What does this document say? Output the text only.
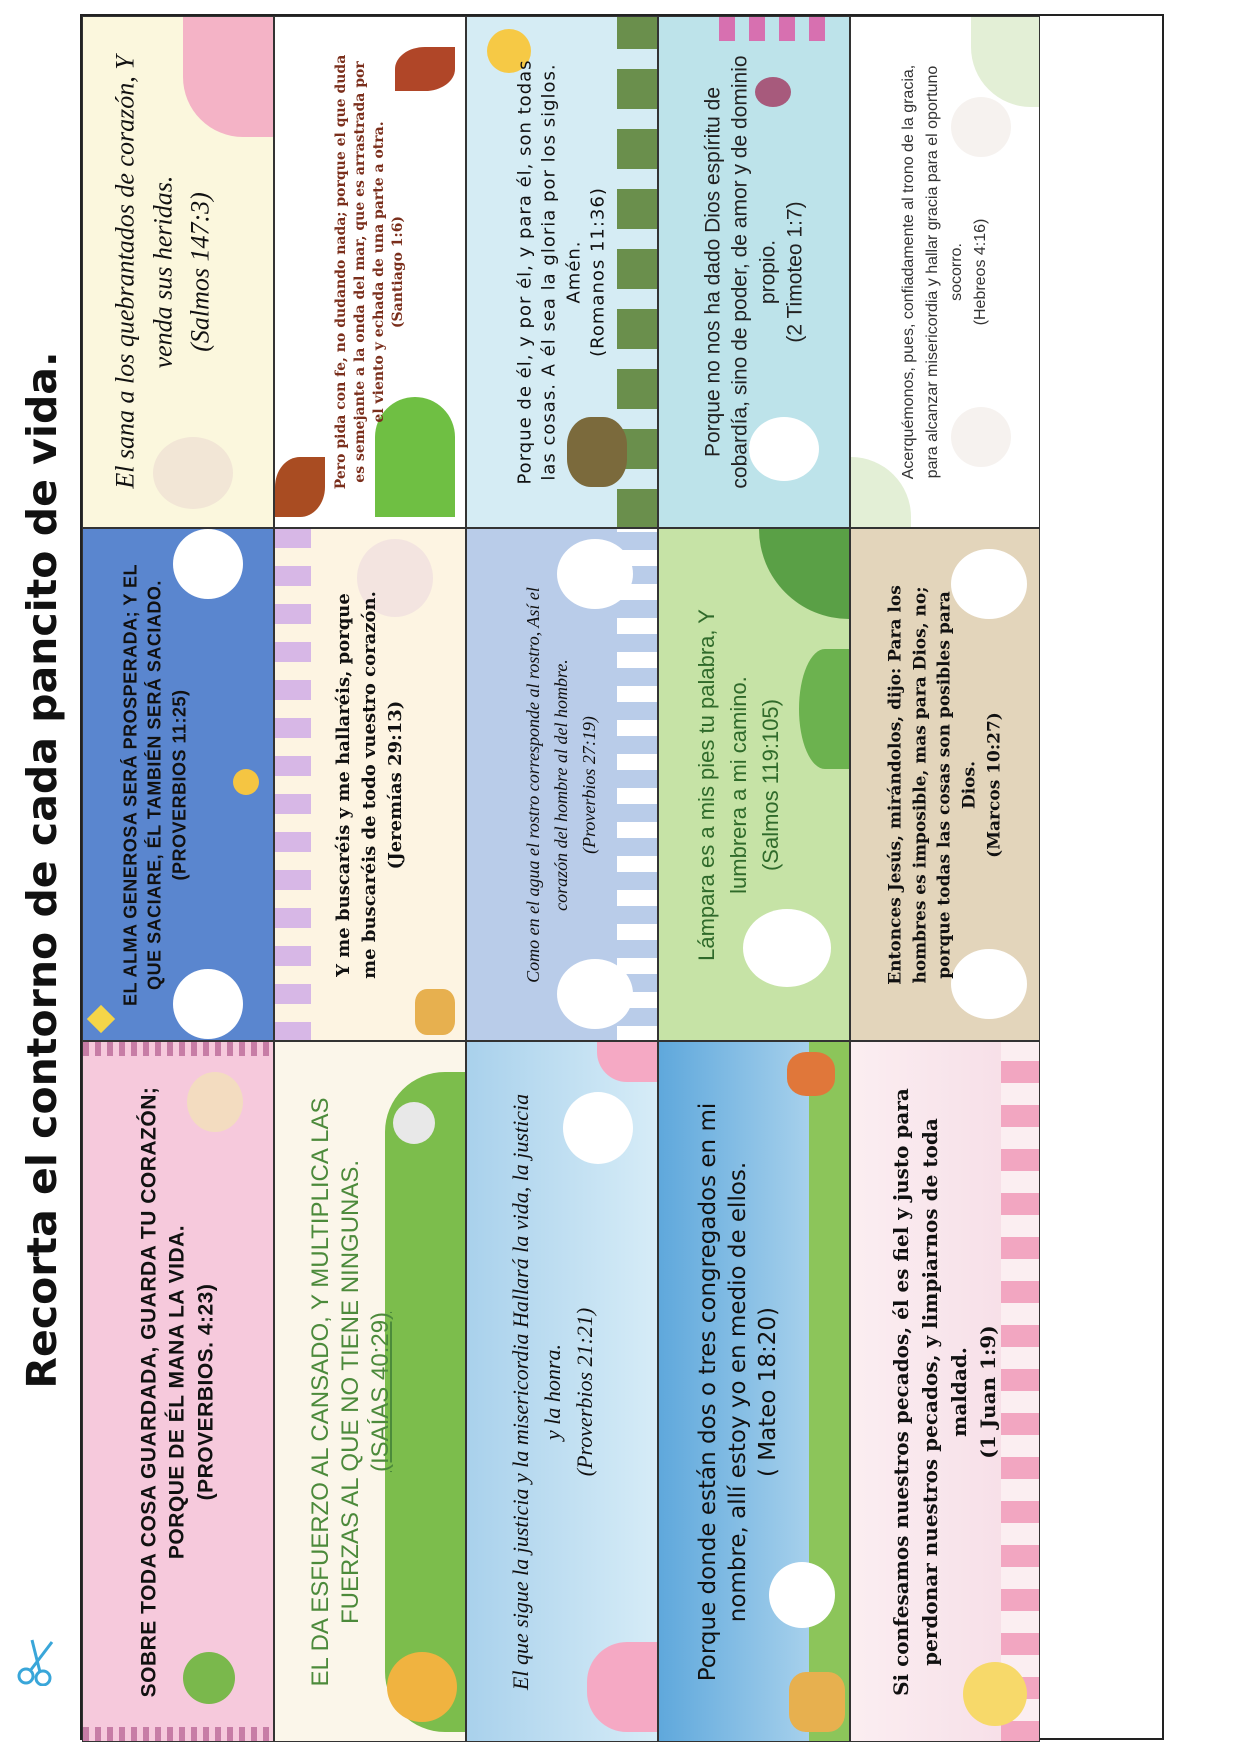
Recorta el contorno de cada pancito de vida.
SOBRE TODA COSA GUARDADA, GUARDA TU CORAZÓN; PORQUE DE ÉL MANA LA VIDA. (PROVERBIOS. 4:23)	EL DA ESFUERZO AL CANSADO, Y MULTIPLICA LAS FUERZAS AL QUE NO TIENE NINGUNAS. (ISAÍAS 40:29)	El que sigue la justicia y la misericordia Hallará la vida, la justicia y la honra. (Proverbios 21:21)	Porque donde están dos o tres congregados en mi nombre, allí estoy yo en medio de ellos. ( Mateo 18:20)	Si confesamos nuestros pecados, él es fiel y justo para perdonar nuestros pecados, y limpiarnos de toda maldad. (1 Juan 1:9)
EL ALMA GENEROSA SERÁ PROSPERADA; Y EL QUE SACIARE, ÉL TAMBIÉN SERÁ SACIADO. (PROVERBIOS 11:25)	Y me buscaréis y me hallaréis, porque me buscaréis de todo vuestro corazón. (Jeremías 29:13)	Como en el agua el rostro corresponde al rostro, Así el corazón del hombre al del hombre. (Proverbios 27:19)	Lámpara es a mis pies tu palabra, Y lumbrera a mi camino. (Salmos 119:105)	Entonces Jesús, mirándolos, dijo: Para los hombres es imposible, mas para Dios, no; porque todas las cosas son posibles para Dios. (Marcos 10:27)
El sana a los quebrantados de corazón, Y venda sus heridas. (Salmos 147:3)	Pero pida con fe, no dudando nada; porque el que duda es semejante a la onda del mar, que es arrastrada por el viento y echada de una parte a otra. (Santiago 1:6)	Porque de él, y por él, y para él, son todas las cosas. A él sea la gloria por los siglos. Amén. (Romanos 11:36)	Porque no nos ha dado Dios espíritu de cobardía, sino de poder, de amor y de dominio propio. (2 Timoteo 1:7)	Acerquémonos, pues, confiadamente al trono de la gracia, para alcanzar misericordia y hallar gracia para el oportuno socorro. (Hebreos 4:16)
